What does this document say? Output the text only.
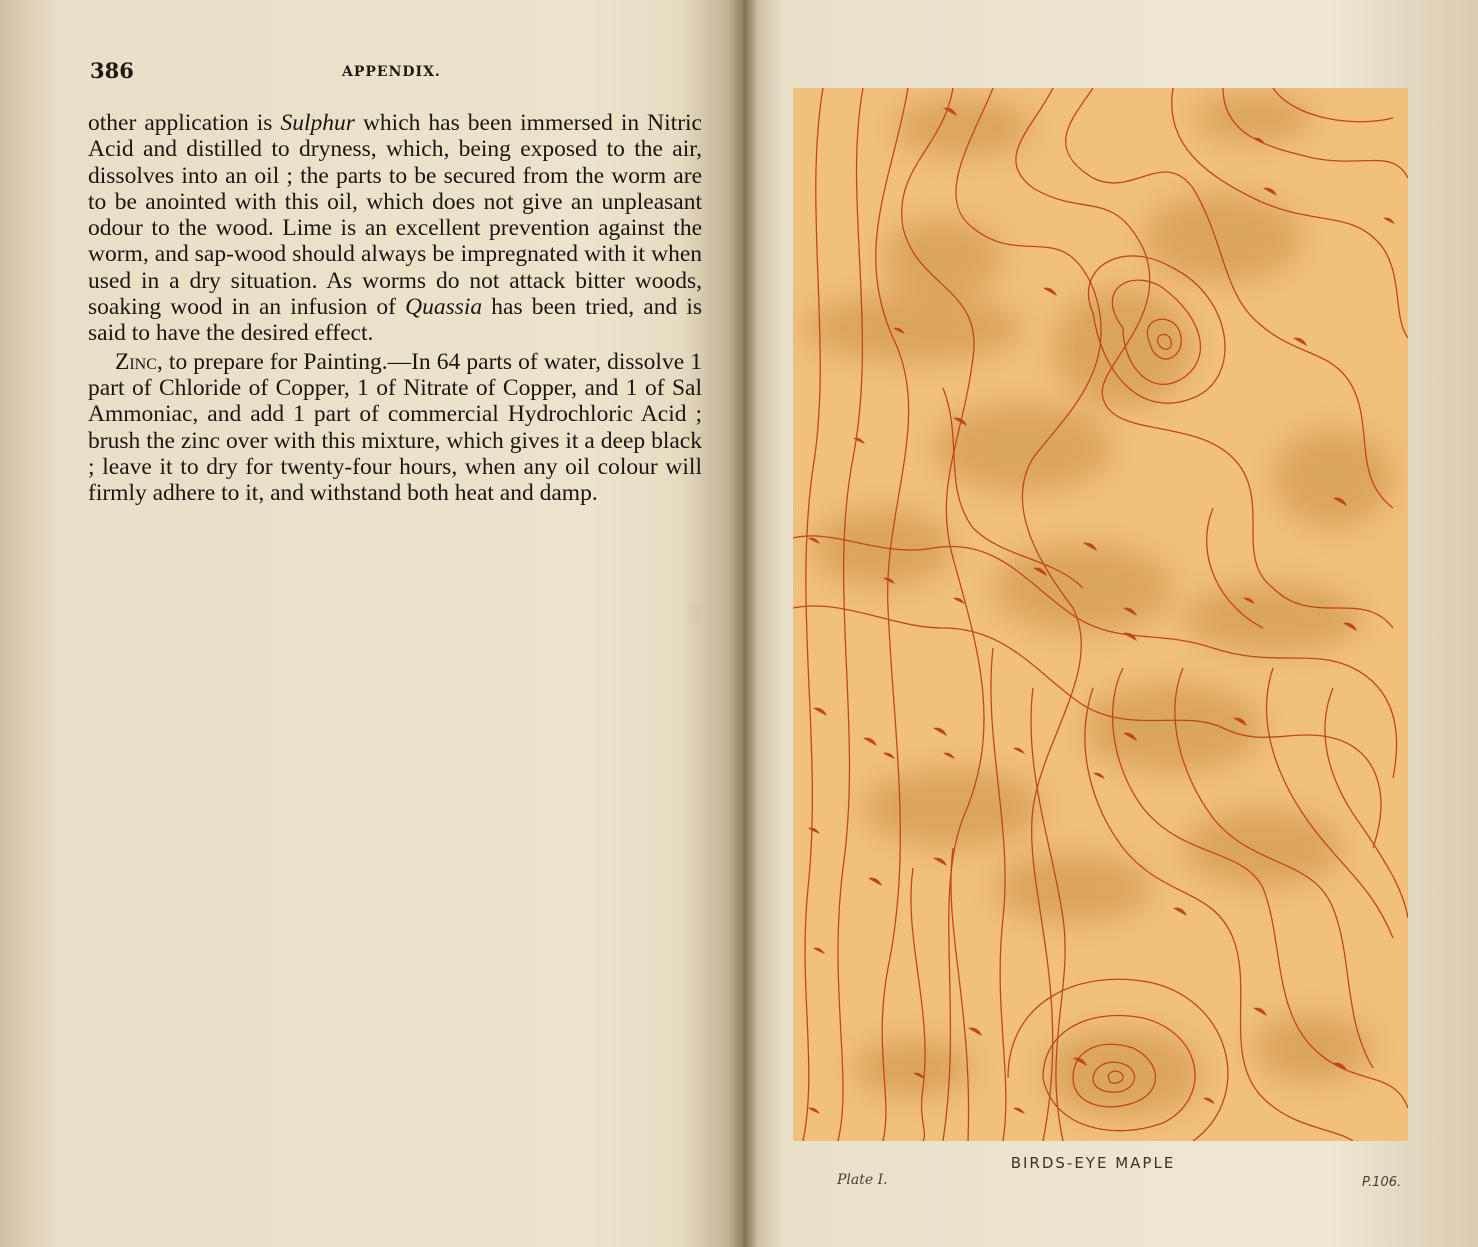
386	APPENDIX.
▒

other application is Sulphur which has been immersed in Nitric Acid and distilled to dryness, which, being exposed to the air, dissolves into an oil ; the parts to be secured from the worm are to be anointed with this oil, which does not give an unpleasant odour to the wood. Lime is an excellent prevention against the worm, and sap-wood should always be impregnated with it when used in a dry situation. As worms do not attack bitter woods, soaking wood in an infusion of Quassia has been tried, and is said to have the desired effect.

Zinc, to prepare for Painting.—In 64 parts of water, dissolve 1 part of Chloride of Copper, 1 of Nitrate of Copper, and 1 of Sal Ammoniac, and add 1 part of commercial Hydrochloric Acid ; brush the zinc over with this mixture, which gives it a deep black ; leave it to dry for twenty-four hours, when any oil colour will firmly adhere to it, and withstand both heat and damp.

BIRDS-EYE MAPLE
Plate I.	P.106.
